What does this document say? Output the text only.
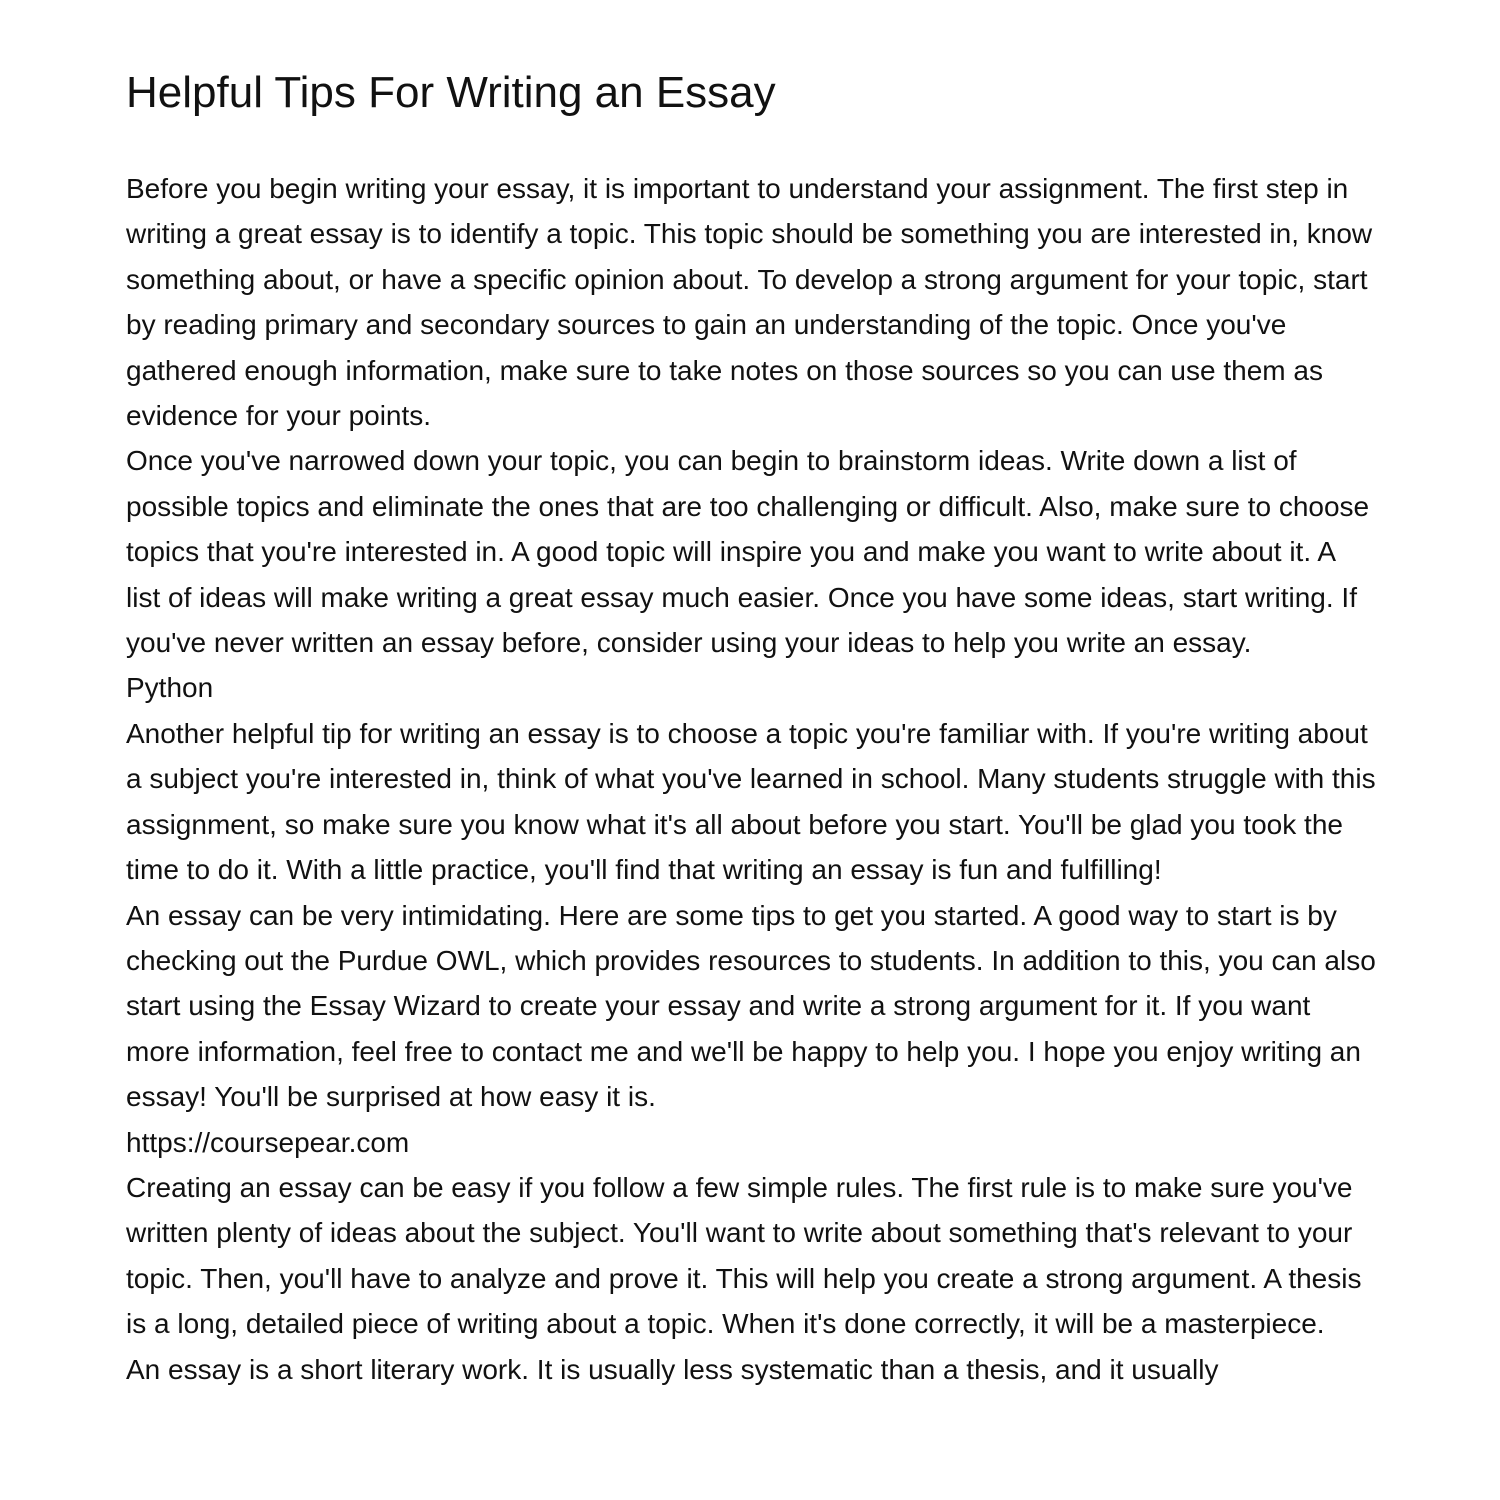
Helpful Tips For Writing an Essay

Before you begin writing your essay, it is important to understand your assignment. The first step in writing a great essay is to identify a topic. This topic should be something you are interested in, know something about, or have a specific opinion about. To develop a strong argument for your topic, start by reading primary and secondary sources to gain an understanding of the topic. Once you've gathered enough information, make sure to take notes on those sources so you can use them as evidence for your points.

Once you've narrowed down your topic, you can begin to brainstorm ideas. Write down a list of possible topics and eliminate the ones that are too challenging or difficult. Also, make sure to choose topics that you're interested in. A good topic will inspire you and make you want to write about it. A list of ideas will make writing a great essay much easier. Once you have some ideas, start writing. If you've never written an essay before, consider using your ideas to help you write an essay.

Python

Another helpful tip for writing an essay is to choose a topic you're familiar with. If you're writing about a subject you're interested in, think of what you've learned in school. Many students struggle with this assignment, so make sure you know what it's all about before you start. You'll be glad you took the time to do it. With a little practice, you'll find that writing an essay is fun and fulfilling!

An essay can be very intimidating. Here are some tips to get you started. A good way to start is by checking out the Purdue OWL, which provides resources to students. In addition to this, you can also start using the Essay Wizard to create your essay and write a strong argument for it. If you want more information, feel free to contact me and we'll be happy to help you. I hope you enjoy writing an essay! You'll be surprised at how easy it is.

https://coursepear.com

Creating an essay can be easy if you follow a few simple rules. The first rule is to make sure you've written plenty of ideas about the subject. You'll want to write about something that's relevant to your topic. Then, you'll have to analyze and prove it. This will help you create a strong argument. A thesis is a long, detailed piece of writing about a topic. When it's done correctly, it will be a masterpiece.

An essay is a short literary work. It is usually less systematic than a thesis, and it usually
